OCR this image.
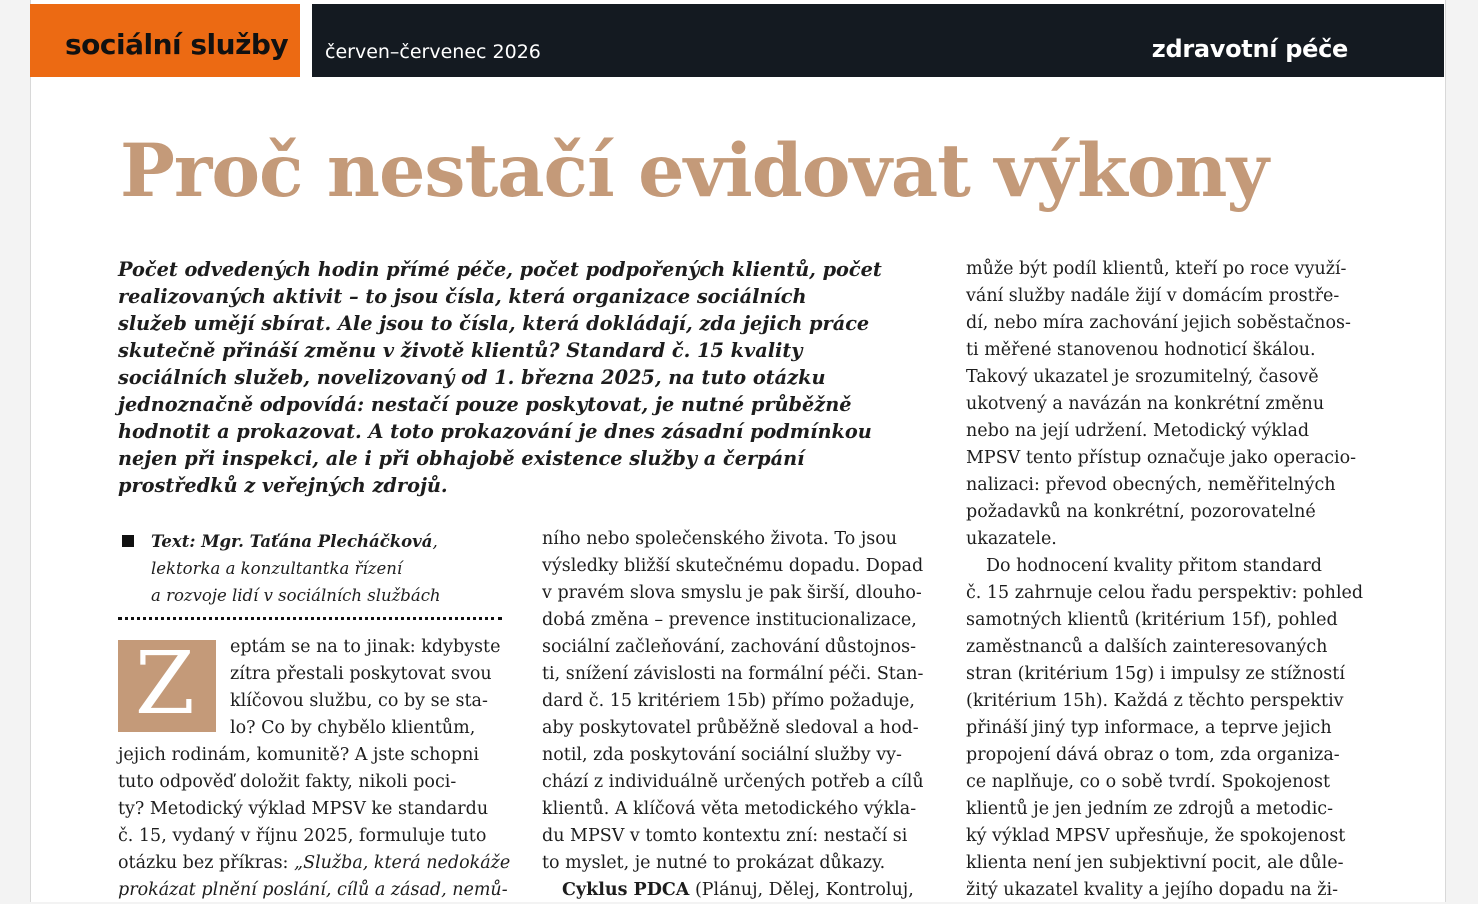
sociální služby červen–červenec 2026	zdravotní péče
Proč nestačí evidovat výkony
Počet odvedených hodin přímé péče, počet podpořených klientů, počet
realizovaných aktivit – to jsou čísla, která organizace sociálních
služeb umějí sbírat. Ale jsou to čísla, která dokládají, zda jejich práce
skutečně přináší změnu v životě klientů? Standard č. 15 kvality
sociálních služeb, novelizovaný od 1. března 2025, na tuto otázku
jednoznačně odpovídá: nestačí pouze poskytovat, je nutné průběžně
hodnotit a prokazovat. A toto prokazování je dnes zásadní podmínkou
nejen při inspekci, ale i při obhajobě existence služby a čerpání
prostředků z veřejných zdrojů.
Text: Mgr. Taťána Plecháčková,
lektorka a konzultantka řízení
a rozvoje lidí v sociálních službách
Z	eptám se na to jinak: kdybyste
zítra přestali poskytovat svou
klíčovou službu, co by se sta-
lo? Co by chybělo klientům,
jejich rodinám, komunitě? A jste schopni
tuto odpověď doložit fakty, nikoli poci-
ty? Metodický výklad MPSV ke standardu
č. 15, vydaný v říjnu 2025, formuluje tuto
otázku bez příkras: „Služba, která nedokáže
prokázat plnění poslání, cílů a zásad, nemů-
ního nebo společenského života. To jsou
výsledky bližší skutečnému dopadu. Dopad
v pravém slova smyslu je pak širší, dlouho-
dobá změna – prevence institucionalizace,
sociální začleňování, zachování důstojnos-
ti, snížení závislosti na formální péči. Stan-
dard č. 15 kritériem 15b) přímo požaduje,
aby poskytovatel průběžně sledoval a hod-
notil, zda poskytování sociální služby vy-
chází z individuálně určených potřeb a cílů
klientů. A klíčová věta metodického výkla-
du MPSV v tomto kontextu zní: nestačí si
to myslet, je nutné to prokázat důkazy.
Cyklus PDCA (Plánuj, Dělej, Kontroluj,
může být podíl klientů, kteří po roce využí-
vání služby nadále žijí v domácím prostře-
dí, nebo míra zachování jejich soběstačnos-
ti měřené stanovenou hodnoticí škálou.
Takový ukazatel je srozumitelný, časově
ukotvený a navázán na konkrétní změnu
nebo na její udržení. Metodický výklad
MPSV tento přístup označuje jako operacio-
nalizaci: převod obecných, neměřitelných
požadavků na konkrétní, pozorovatelné
ukazatele.
Do hodnocení kvality přitom standard
č. 15 zahrnuje celou řadu perspektiv: pohled
samotných klientů (kritérium 15f), pohled
zaměstnanců a dalších zainteresovaných
stran (kritérium 15g) i impulsy ze stížností
(kritérium 15h). Každá z těchto perspektiv
přináší jiný typ informace, a teprve jejich
propojení dává obraz o tom, zda organiza-
ce naplňuje, co o sobě tvrdí. Spokojenost
klientů je jen jedním ze zdrojů a metodic-
ký výklad MPSV upřesňuje, že spokojenost
klienta není jen subjektivní pocit, ale důle-
žitý ukazatel kvality a jejího dopadu na ži-
